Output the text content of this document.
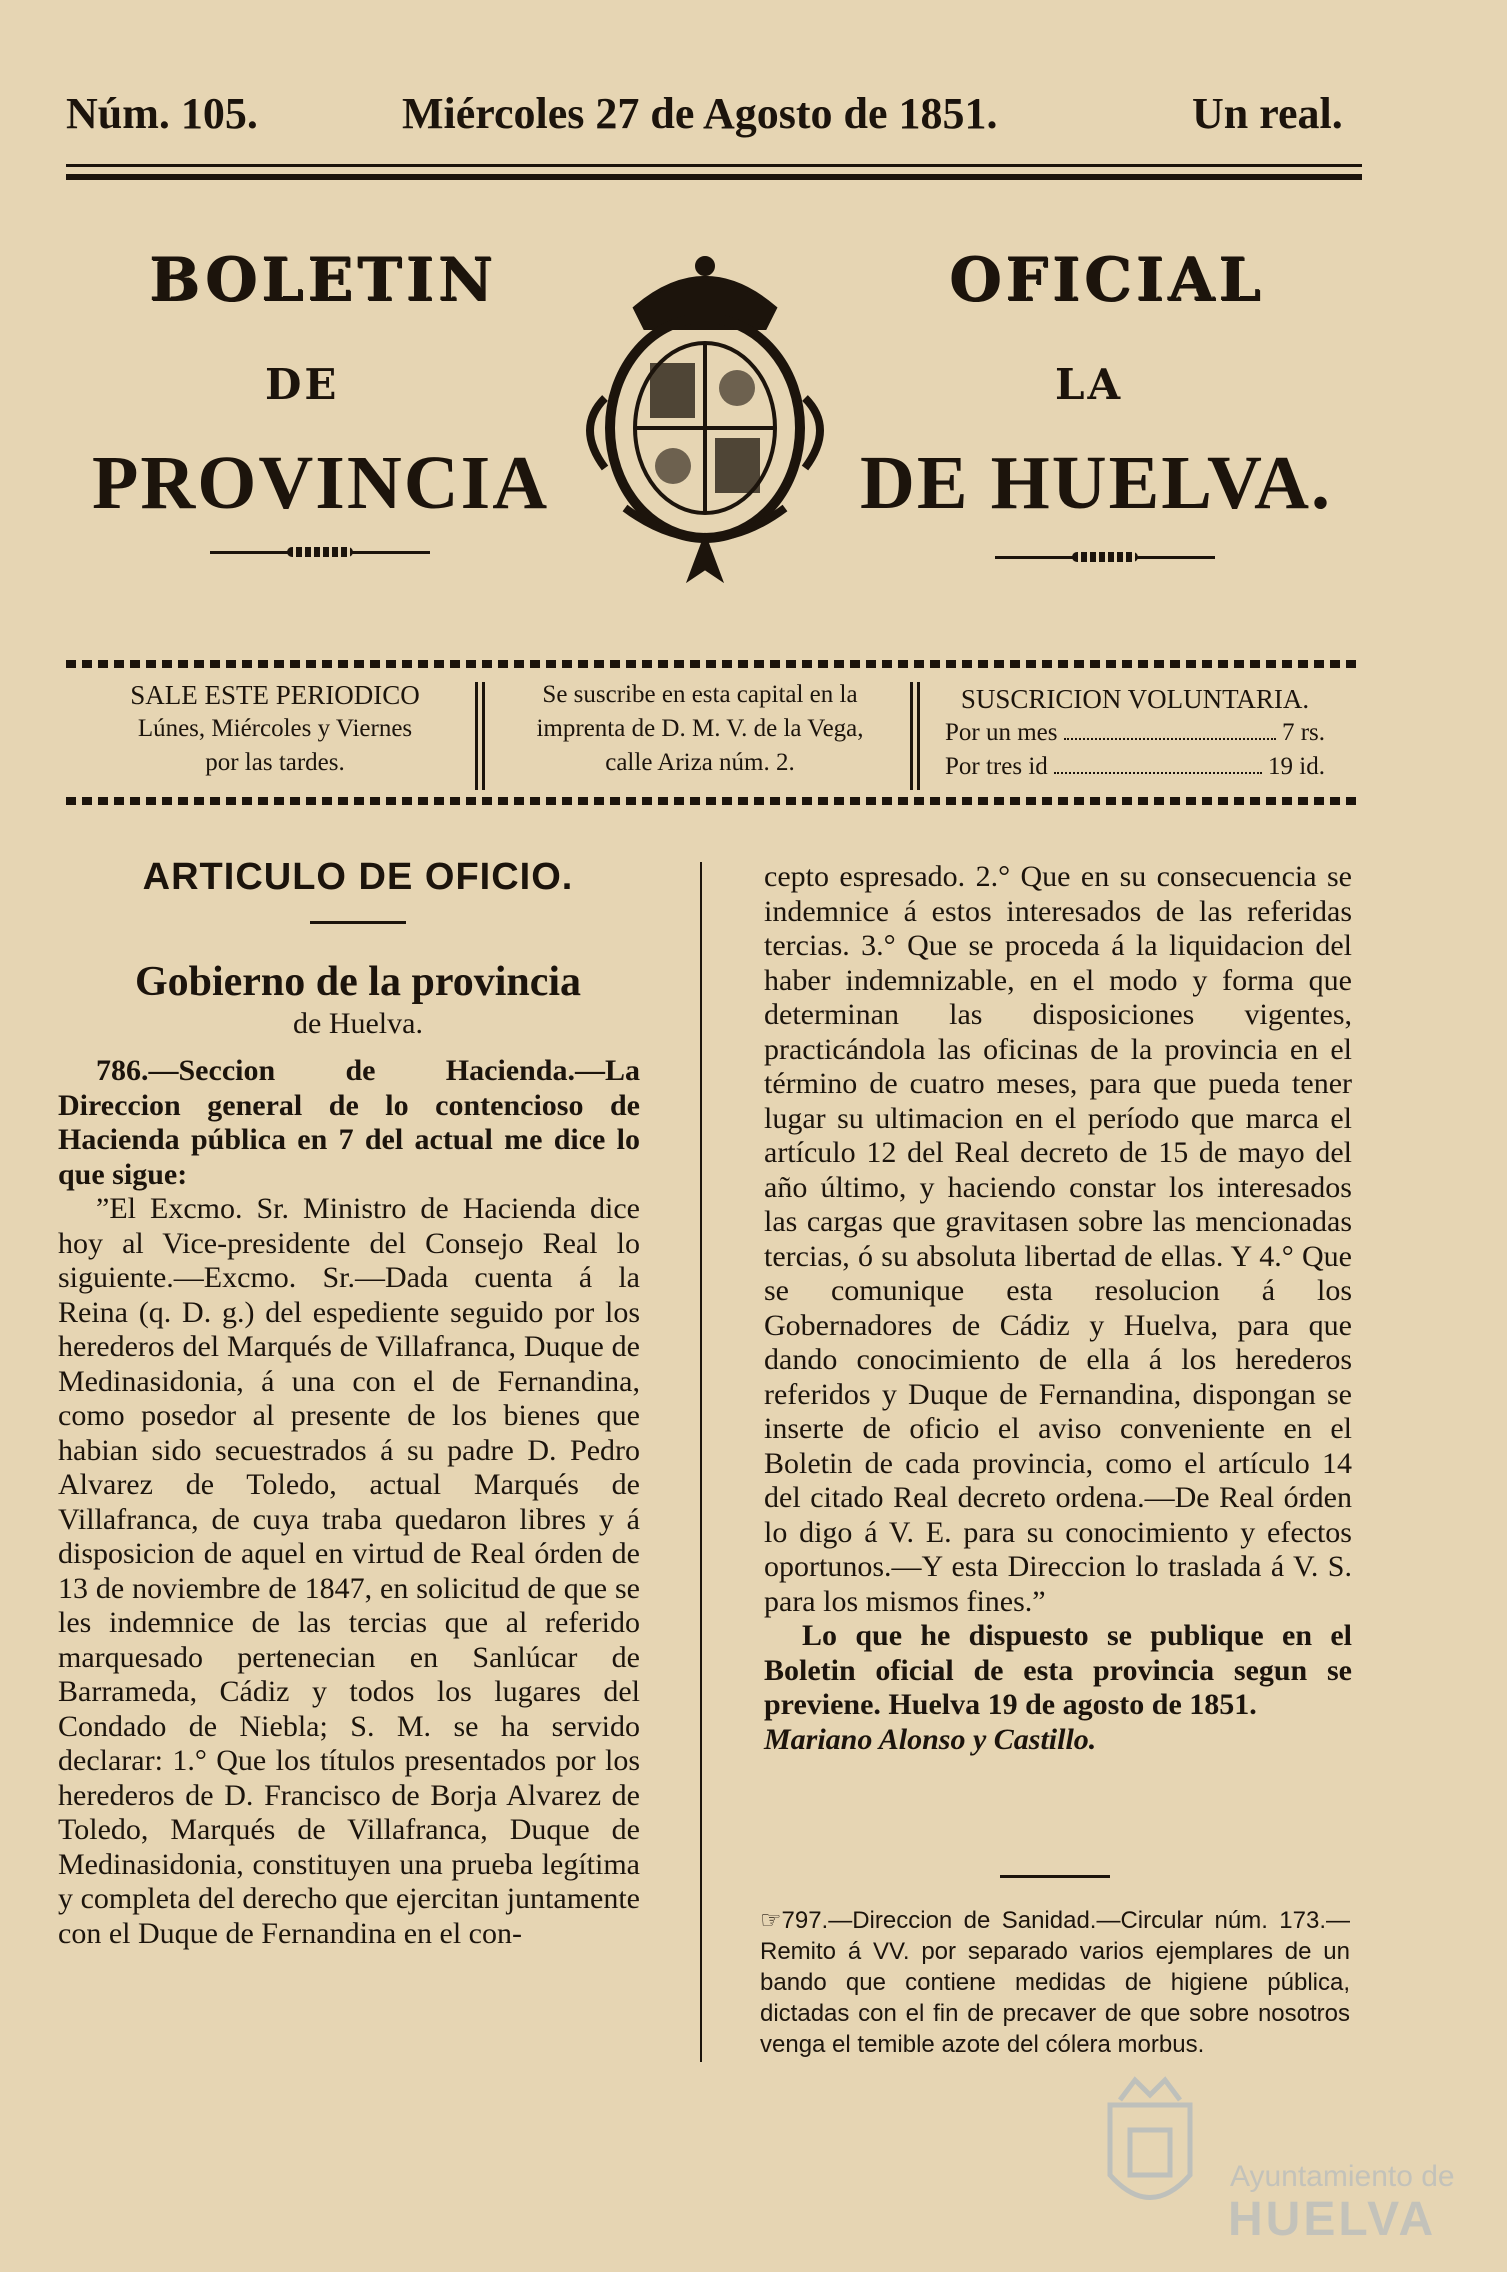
Núm. 105.	Miércoles 27 de Agosto de 1851.	Un real.
BOLETIN	OFICIAL
DE	LA
PROVINCIA	DE HUELVA.
SALE ESTE PERIODICO
Lúnes, Miércoles y Viernes
por las tardes.
Se suscribe en esta capital en la
imprenta de D. M. V. de la Vega,
calle Ariza núm. 2.
SUSCRICION VOLUNTARIA.
Por un mes	7 rs.
Por tres id	19 id.
ARTICULO DE OFICIO.
Gobierno de la provincia
de Huelva.

786.—Seccion de Hacienda.—La Direccion general de lo contencioso de Hacienda pública en 7 del actual me dice lo que sigue:

”El Excmo. Sr. Ministro de Hacienda dice hoy al Vice-presidente del Consejo Real lo siguiente.—Excmo. Sr.—Dada cuenta á la Reina (q. D. g.) del espediente seguido por los herederos del Marqués de Villafranca, Duque de Medinasidonia, á una con el de Fernandina, como posedor al presente de los bienes que habian sido secuestrados á su padre D. Pedro Alvarez de Toledo, actual Marqués de Villafranca, de cuya traba quedaron libres y á disposicion de aquel en virtud de Real órden de 13 de noviembre de 1847, en solicitud de que se les indemnice de las tercias que al referido marquesado pertenecian en Sanlúcar de Barrameda, Cádiz y todos los lugares del Condado de Niebla; S. M. se ha servido declarar: 1.° Que los títulos presentados por los herederos de D. Francisco de Borja Alvarez de Toledo, Marqués de Villafranca, Duque de Medinasidonia, constituyen una prueba legítima y completa del derecho que ejercitan juntamente con el Duque de Fernandina en el con-

cepto espresado. 2.° Que en su consecuencia se indemnice á estos interesados de las referidas tercias. 3.° Que se proceda á la liquidacion del haber indemnizable, en el modo y forma que determinan las disposiciones vigentes, practicándola las oficinas de la provincia en el término de cuatro meses, para que pueda tener lugar su ultimacion en el período que marca el artículo 12 del Real decreto de 15 de mayo del año último, y haciendo constar los interesados las cargas que gravitasen sobre las mencionadas tercias, ó su absoluta libertad de ellas. Y 4.° Que se comunique esta resolucion á los Gobernadores de Cádiz y Huelva, para que dando conocimiento de ella á los herederos referidos y Duque de Fernandina, dispongan se inserte de oficio el aviso conveniente en el Boletin de cada provincia, como el artículo 14 del citado Real decreto ordena.—De Real órden lo digo á V. E. para su conocimiento y efectos oportunos.—Y esta Direccion lo traslada á V. S. para los mismos fines.”

Lo que he dispuesto se publique en el Boletin oficial de esta provincia segun se previene. Huelva 19 de agosto de 1851.

Mariano Alonso y Castillo.

☞797.—Direccion de Sanidad.—Circular núm. 173.—Remito á VV. por separado varios ejemplares de un bando que contiene medidas de higiene pública, dictadas con el fin de precaver de que sobre nosotros venga el temible azote del cólera morbus.
Ayuntamiento de
HUELVA
